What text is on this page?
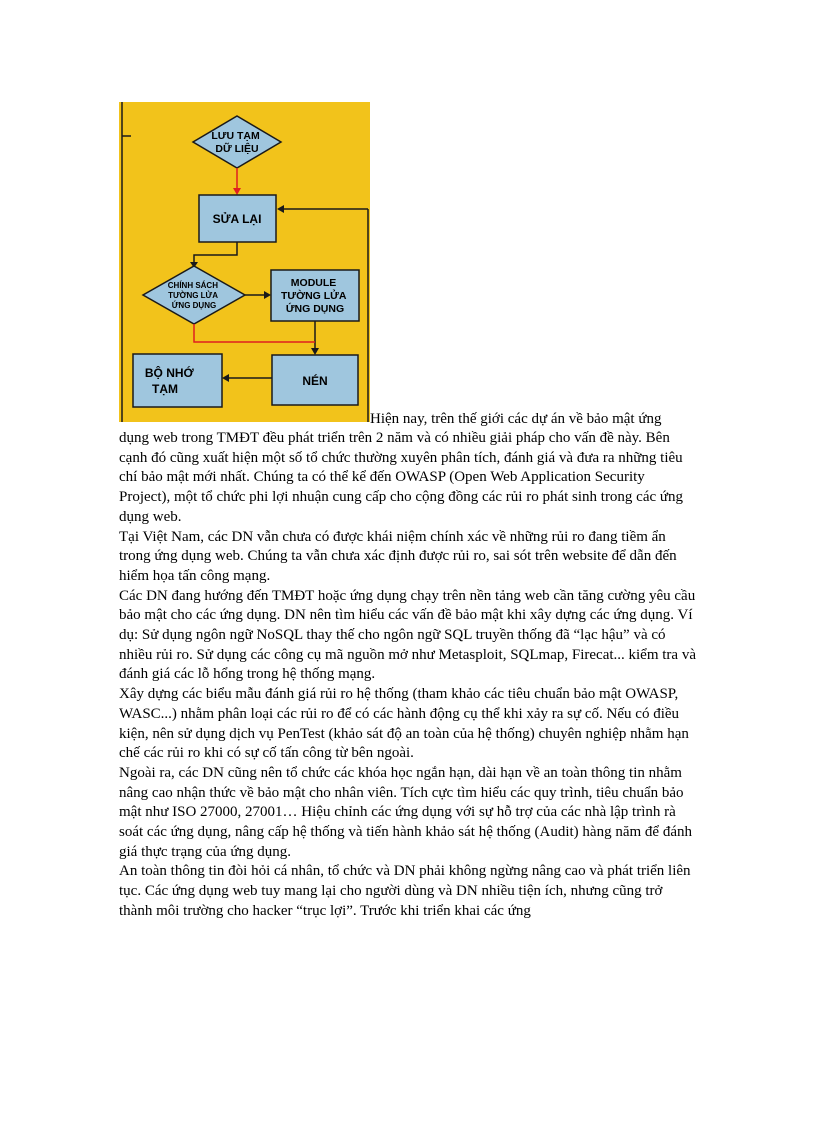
LƯU TẠM DỮ LIỆU
SỬA LẠI
CHÍNH SÁCH TƯỜNG LỬA ỨNG DỤNG
MODULE TƯỜNG LỬA ỨNG DỤNG
NÉN
BỘ NHỚ TẠM
Hiện nay, trên thế giới các dự án về bảo mật ứng

dụng web trong TMĐT đều phát triển trên 2 năm và có nhiều giải pháp cho vấn đề này. Bên cạnh đó cũng xuất hiện một số tổ chức thường xuyên phân tích, đánh giá và đưa ra những tiêu chí bảo mật mới nhất. Chúng ta có thể kể đến OWASP (Open Web Application Security Project), một tổ chức phi lợi nhuận cung cấp cho cộng đồng các rủi ro phát sinh trong các ứng dụng web.

Tại Việt Nam, các DN vẫn chưa có được khái niệm chính xác về những rủi ro đang tiềm ẩn trong ứng dụng web. Chúng ta vẫn chưa xác định được rủi ro, sai sót trên website để dẫn đến hiểm họa tấn công mạng.

Các DN đang hướng đến TMĐT hoặc ứng dụng chạy trên nền tảng web cần tăng cường yêu cầu bảo mật cho các ứng dụng. DN nên tìm hiểu các vấn đề bảo mật khi xây dựng các ứng dụng. Ví dụ: Sử dụng ngôn ngữ NoSQL thay thế cho ngôn ngữ SQL truyền thống đã “lạc hậu” và có nhiều rủi ro. Sử dụng các công cụ mã nguồn mở như Metasploit, SQLmap, Firecat... kiểm tra và đánh giá các lỗ hổng trong hệ thống mạng.

Xây dựng các biểu mẫu đánh giá rủi ro hệ thống (tham khảo các tiêu chuẩn bảo mật OWASP, WASC...) nhằm phân loại các rủi ro để có các hành động cụ thể khi xảy ra sự cố. Nếu có điều kiện, nên sử dụng dịch vụ PenTest (khảo sát độ an toàn của hệ thống) chuyên nghiệp nhằm hạn chế các rủi ro khi có sự cố tấn công từ bên ngoài.

Ngoài ra, các DN cũng nên tổ chức các khóa học ngắn hạn, dài hạn về an toàn thông tin nhằm nâng cao nhận thức về bảo mật cho nhân viên. Tích cực tìm hiểu các quy trình, tiêu chuẩn bảo mật như ISO 27000, 27001… Hiệu chỉnh các ứng dụng với sự hỗ trợ của các nhà lập trình rà soát các ứng dụng, nâng cấp hệ thống và tiến hành khảo sát hệ thống (Audit) hàng năm để đánh giá thực trạng của ứng dụng.

An toàn thông tin đòi hỏi cá nhân, tổ chức và DN phải không ngừng nâng cao và phát triển liên tục. Các ứng dụng web tuy mang lại cho người dùng và DN nhiều tiện ích, nhưng cũng trở thành môi trường cho hacker “trục lợi”. Trước khi triển khai các ứng
